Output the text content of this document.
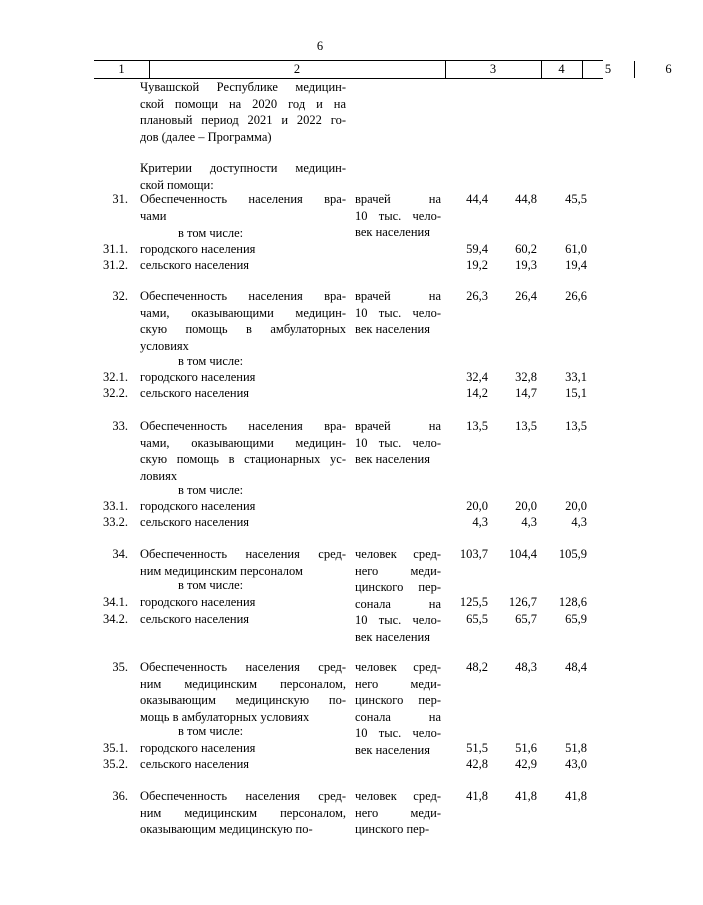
6
1	2	3	4	5	6
Чувашской Республике медицин-
ской помощи на 2020 год и на
плановый период 2021 и 2022 го-
дов (далее – Программа)
Критерии доступности медицин-
ской помощи:
31. Обеспеченность населения вра-
чами
врачей на
10 тыс. чело-
век населения
44,4	44,8	45,5
в том числе:
31.1. городского населения	59,4	60,2	61,0
31.2. сельского населения	19,2	19,3	19,4
32. Обеспеченность населения вра-
чами, оказывающими медицин-
скую помощь в амбулаторных
условиях
врачей на
10 тыс. чело-
век населения
26,3	26,4	26,6
в том числе:
32.1. городского населения	32,4	32,8	33,1
32.2. сельского населения	14,2	14,7	15,1
33. Обеспеченность населения вра-
чами, оказывающими медицин-
скую помощь в стационарных ус-
ловиях
врачей на
10 тыс. чело-
век населения
13,5	13,5	13,5
в том числе:
33.1. городского населения	20,0	20,0	20,0
33.2. сельского населения	4,3	4,3	4,3
34. Обеспеченность населения сред-
ним медицинским персоналом
человек сред-
него меди-
цинского пер-
сонала на
10 тыс. чело-
век населения
103,7	104,4	105,9
в том числе:
34.1. городского населения	125,5	126,7	128,6
34.2. сельского населения	65,5	65,7	65,9
35. Обеспеченность населения сред-
ним медицинским персоналом,
оказывающим медицинскую по-
мощь в амбулаторных условиях
человек сред-
него меди-
цинского пер-
сонала на
10 тыс. чело-
век населения
48,2	48,3	48,4
в том числе:
35.1. городского населения	51,5	51,6	51,8
35.2. сельского населения	42,8	42,9	43,0
36. Обеспеченность населения сред-
ним медицинским персоналом,
оказывающим медицинскую по-
человек сред-
него меди-
цинского пер-
41,8	41,8	41,8
